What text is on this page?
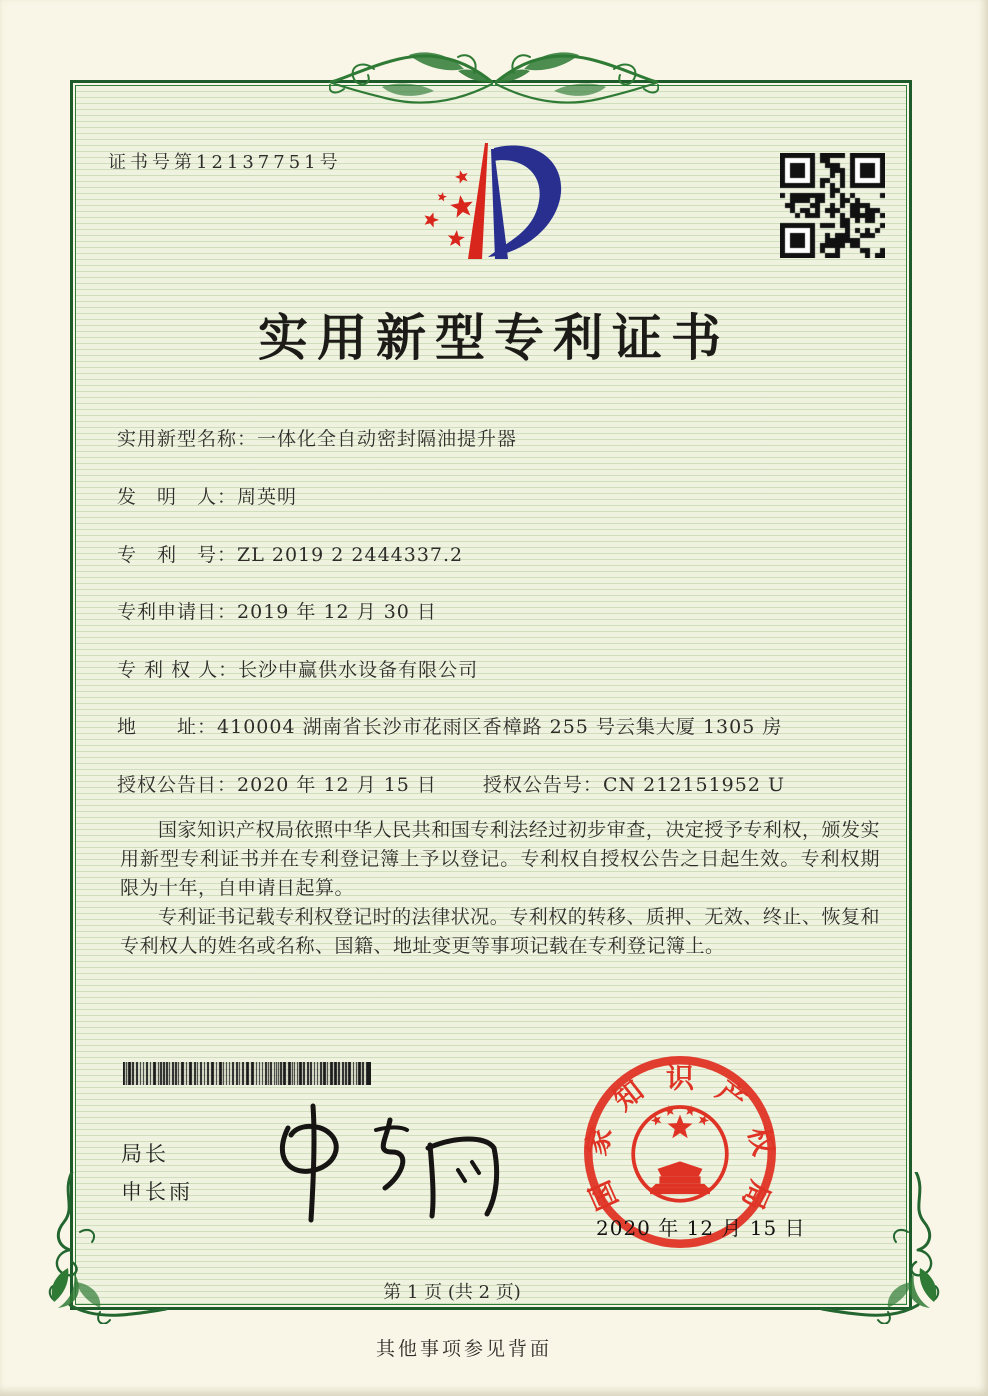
证书号第12137751号
实用新型专利证书
实用新型名称：一体化全自动密封隔油提升器
发　明　人：周英明
专　利　号：ZL 2019 2 2444337.2
专利申请日：2019 年 12 月 30 日
专 利 权 人：长沙中赢供水设备有限公司
地　　址：410004 湖南省长沙市花雨区香樟路 255 号云集大厦 1305 房
授权公告日：2020 年 12 月 15 日 授权公告号：CN 212151952 U

国家知识产权局依照中华人民共和国专利法经过初步审查，决定授予专利权，颁发实用新型专利证书并在专利登记簿上予以登记。专利权自授权公告之日起生效。专利权期限为十年，自申请日起算。

专利证书记载专利权登记时的法律状况。专利权的转移、质押、无效、终止、恢复和专利权人的姓名或名称、国籍、地址变更等事项记载在专利登记簿上。

局长
申长雨	国
家
知 识 产
权
局
2020 年 12 月 15 日
第 1 页 (共 2 页)
其他事项参见背面
